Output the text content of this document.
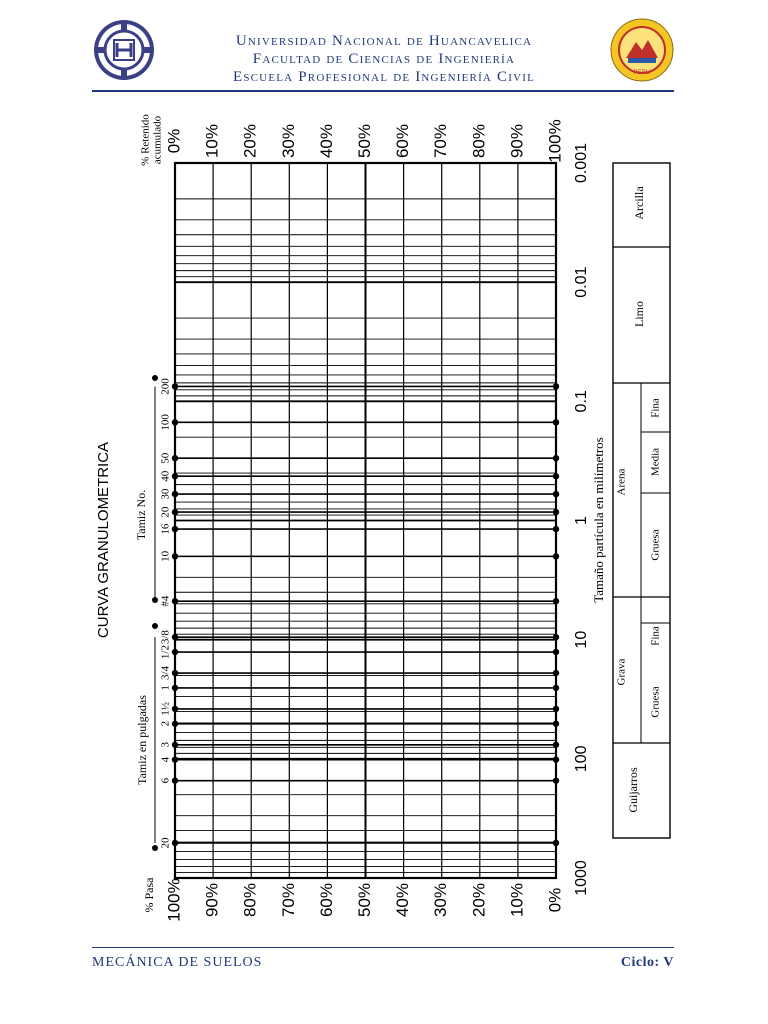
Universidad Nacional de Huancavelica
Facultad de Ciencias de Ingeniería
Escuela Profesional de Ingeniería Civil	PERU
100% 90% 80% 70% 60% 50% 40% 30% 20% 10% 0%
% Pasa
0% 10% 20% 30% 40% 50% 60% 70% 80% 90% 100%
% Retenido acumulado
1000
100
10
1
0.1
0.01
0.001
Tamaño partícula en milímetros
CURVA GRANULOMETRICA
Tamiz en pulgadas
20
6
4
3
2
1½
1
3/4
1/2
3/8
Tamiz No.
#4
10
16
20
30
40
50
100
200
Guijarros
Grava
Gruesa
Fina
Arena
Gruesa
Media
Fina
Limo
Arcilla
MECÁNICA DE SUELOS	Ciclo: V
